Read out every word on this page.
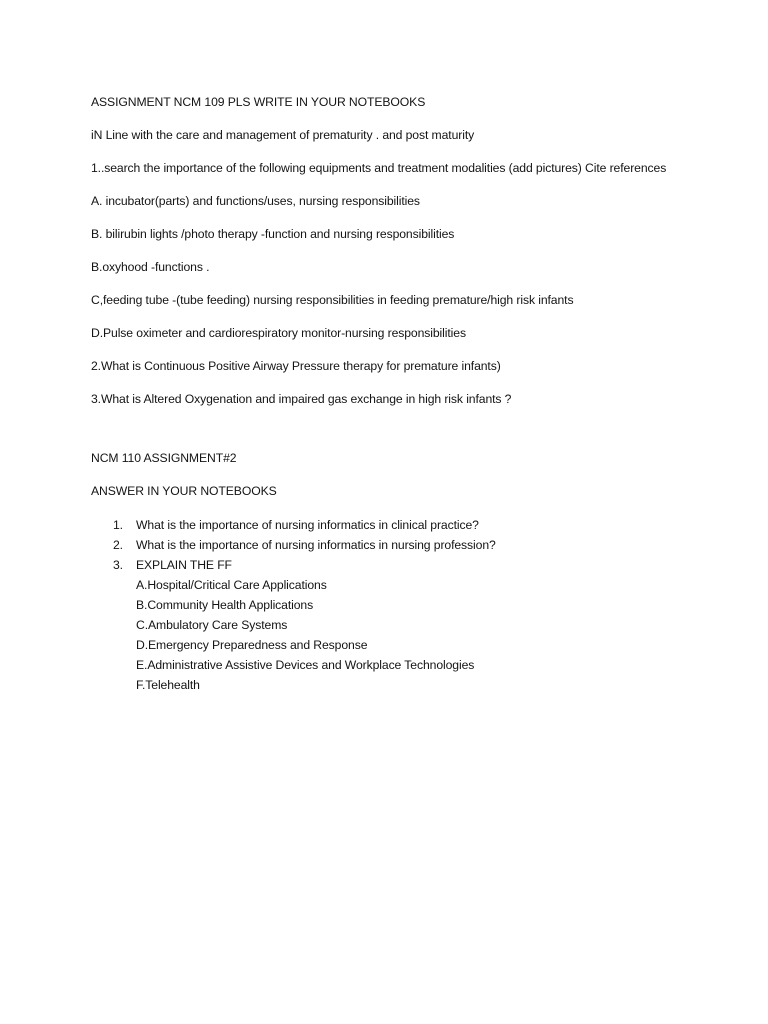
ASSIGNMENT NCM 109 PLS WRITE IN YOUR NOTEBOOKS

iN Line with the care and management of prematurity . and post maturity

1..search the importance of the following equipments and treatment modalities (add pictures) Cite references

A. incubator(parts) and functions/uses, nursing responsibilities

B. bilirubin lights /photo therapy -function and nursing responsibilities

B.oxyhood -functions .

C,feeding tube -(tube feeding) nursing responsibilities in feeding premature/high risk infants

D.Pulse oximeter and cardiorespiratory monitor-nursing responsibilities

2.What is Continuous Positive Airway Pressure therapy for premature infants)

3.What is Altered Oxygenation and impaired gas exchange in high risk infants ?

NCM 110 ASSIGNMENT#2

ANSWER IN YOUR NOTEBOOKS

1.	What is the importance of nursing informatics in clinical practice?
2.	What is the importance of nursing informatics in nursing profession?
3.	EXPLAIN THE FF
A.Hospital/Critical Care Applications
B.Community Health Applications
C.Ambulatory Care Systems
D.Emergency Preparedness and Response
E.Administrative Assistive Devices and Workplace Technologies
F.Telehealth
